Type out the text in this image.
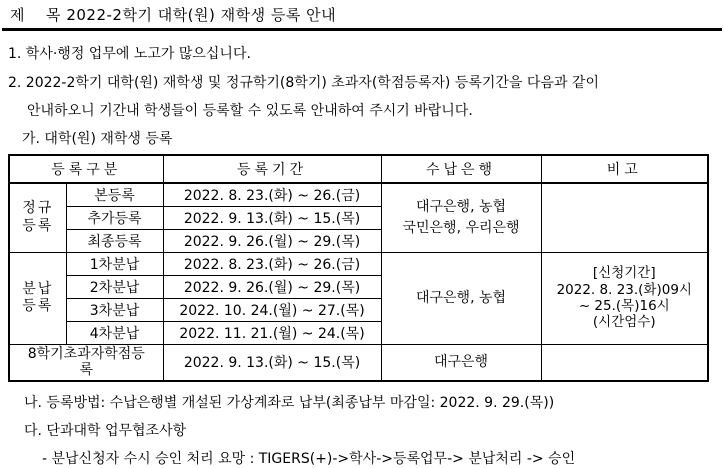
제    목 2022-2학기 대학(원) 재학생 등록 안내
1. 학사·행정 업무에 노고가 많으십니다.
2. 2022-2학기 대학(원) 재학생 및 정규학기(8학기) 초과자(학점등록자) 등록기간을 다음과 같이
안내하오니 기간내 학생들이 등록할 수 있도록 안내하여 주시기 바랍니다.
가. 대학(원) 재학생 등록
등록구분		등록기간	수납은행	비고
정규
등록	본등록	2022. 8. 23.(화) ~ 26.(금)	대구은행, 농협
국민은행, 우리은행	
	추가등록	2022. 9. 13.(화) ~ 15.(목)		
	최종등록	2022. 9. 26.(월) ~ 29.(목)		
분납
등록	1차분납	2022. 8. 23.(화) ~ 26.(금)	대구은행, 농협	[신청기간]
2022. 8. 23.(화)09시
~ 25.(목)16시
(시간엄수)
	2차분납	2022. 9. 26.(월) ~ 29.(목)		
	3차분납	2022. 10. 24.(월) ~ 27.(목)		
	4차분납	2022. 11. 21.(월) ~ 24.(목)		
8학기초과자학점등
록		2022. 9. 13.(화) ~ 15.(목)	대구은행	
나. 등록방법: 수납은행별 개설된 가상계좌로 납부(최종납부 마감일: 2022. 9. 29.(목))
다. 단과대학 업무협조사항
- 분납신청자 수시 승인 처리 요망 : TIGERS(+)->학사->등록업무-> 분납처리 -> 승인
